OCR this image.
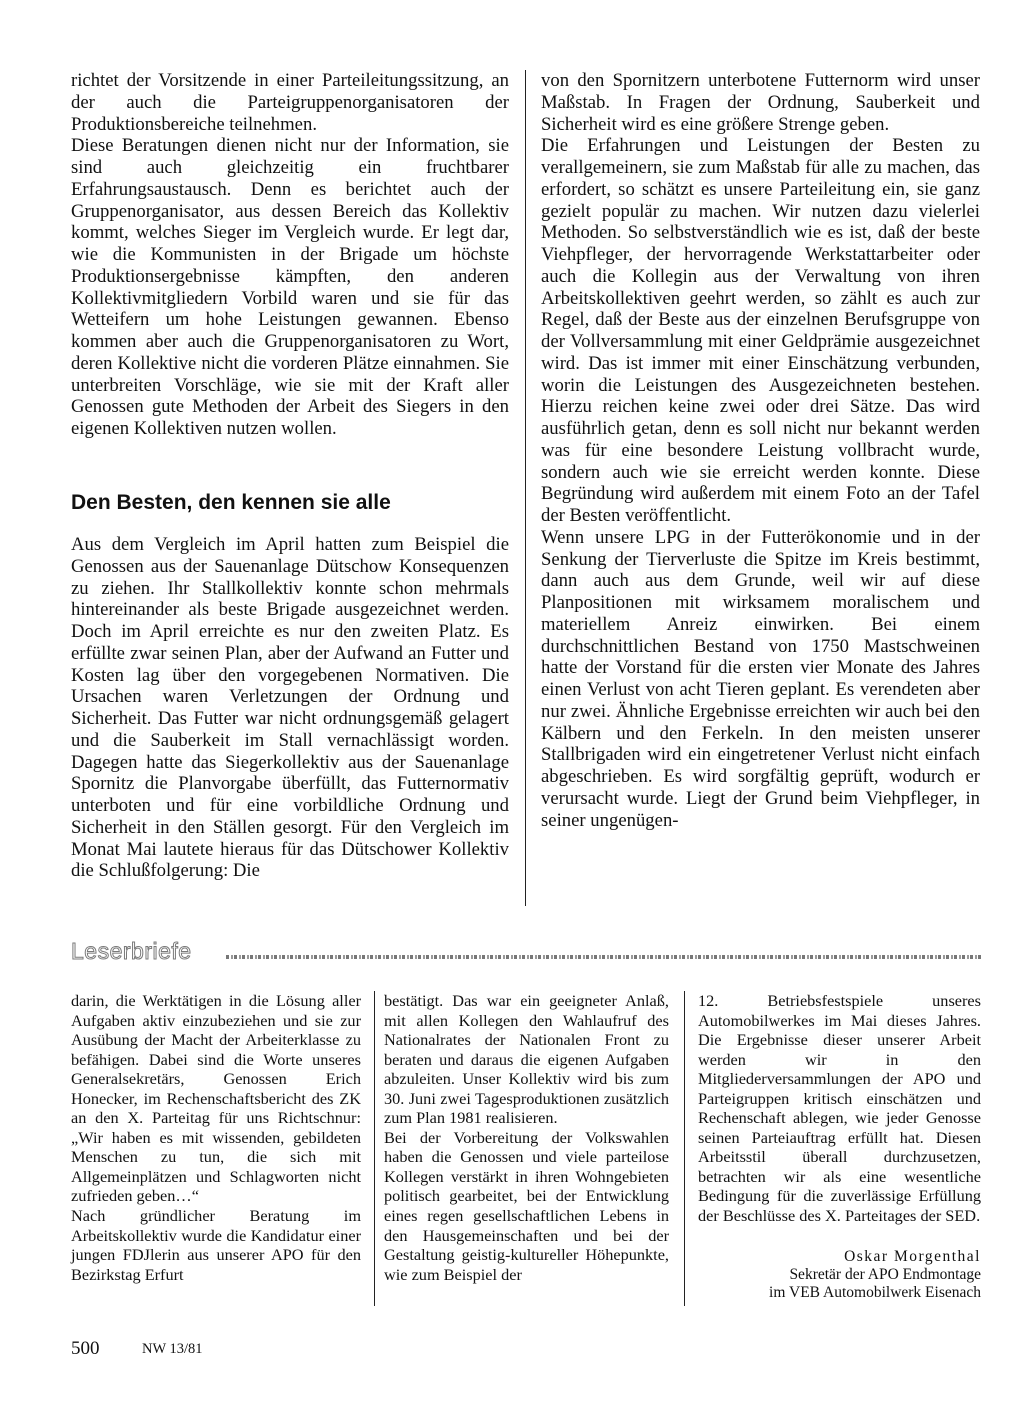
richtet der Vorsitzende in einer Parteileitungssitzung, an der auch die Parteigruppenorganisatoren der Produktionsbereiche teilnehmen.

Diese Beratungen dienen nicht nur der Information, sie sind auch gleichzeitig ein fruchtbarer Erfahrungsaustausch. Denn es berichtet auch der Gruppenorganisator, aus dessen Bereich das Kollektiv kommt, welches Sieger im Vergleich wurde. Er legt dar, wie die Kommunisten in der Brigade um höchste Produktionsergebnisse kämpften, den anderen Kollektivmitgliedern Vorbild waren und sie für das Wetteifern um hohe Leistungen gewannen. Ebenso kommen aber auch die Gruppenorganisatoren zu Wort, deren Kollektive nicht die vorderen Plätze einnahmen. Sie unterbreiten Vorschläge, wie sie mit der Kraft aller Genossen gute Methoden der Arbeit des Siegers in den eigenen Kollektiven nutzen wollen.

Den Besten, den kennen sie alle

Aus dem Vergleich im April hatten zum Beispiel die Genossen aus der Sauenanlage Dütschow Konsequenzen zu ziehen. Ihr Stallkollektiv konnte schon mehrmals hintereinander als beste Brigade ausgezeichnet werden. Doch im April erreichte es nur den zweiten Platz. Es erfüllte zwar seinen Plan, aber der Aufwand an Futter und Kosten lag über den vorgegebenen Normativen. Die Ursachen waren Verletzungen der Ordnung und Sicherheit. Das Futter war nicht ordnungsgemäß gelagert und die Sauberkeit im Stall vernachlässigt worden. Dagegen hatte das Siegerkollektiv aus der Sauenanlage Spornitz die Planvorgabe überfüllt, das Futternormativ unterboten und für eine vorbildliche Ordnung und Sicherheit in den Ställen gesorgt. Für den Vergleich im Monat Mai lautete hieraus für das Dütschower Kollektiv die Schlußfolgerung: Die

von den Spornitzern unterbotene Futternorm wird unser Maßstab. In Fragen der Ordnung, Sauberkeit und Sicherheit wird es eine größere Strenge geben.

Die Erfahrungen und Leistungen der Besten zu verallgemeinern, sie zum Maßstab für alle zu machen, das erfordert, so schätzt es unsere Parteileitung ein, sie ganz gezielt populär zu machen. Wir nutzen dazu vielerlei Methoden. So selbstverständlich wie es ist, daß der beste Viehpfleger, der hervorragende Werkstattarbeiter oder auch die Kollegin aus der Verwaltung von ihren Arbeitskollektiven geehrt werden, so zählt es auch zur Regel, daß der Beste aus der einzelnen Berufsgruppe von der Vollversammlung mit einer Geldprämie ausgezeichnet wird. Das ist immer mit einer Einschätzung verbunden, worin die Leistungen des Ausgezeichneten bestehen. Hierzu reichen keine zwei oder drei Sätze. Das wird ausführlich getan, denn es soll nicht nur bekannt werden was für eine besondere Leistung vollbracht wurde, sondern auch wie sie erreicht werden konnte. Diese Begründung wird außerdem mit einem Foto an der Tafel der Besten veröffentlicht.

Wenn unsere LPG in der Futterökonomie und in der Senkung der Tierverluste die Spitze im Kreis bestimmt, dann auch aus dem Grunde, weil wir auf diese Planpositionen mit wirksamem moralischem und materiellem Anreiz einwirken. Bei einem durchschnittlichen Bestand von 1750 Mastschweinen hatte der Vorstand für die ersten vier Monate des Jahres einen Verlust von acht Tieren geplant. Es verendeten aber nur zwei. Ähnliche Ergebnisse erreichten wir auch bei den Kälbern und den Ferkeln. In den meisten unserer Stallbrigaden wird ein eingetretener Verlust nicht einfach abgeschrieben. Es wird sorgfältig geprüft, wodurch er verursacht wurde. Liegt der Grund beim Viehpfleger, in seiner ungenügen-

Leserbriefe

darin, die Werktätigen in die Lösung aller Aufgaben aktiv einzubeziehen und sie zur Ausübung der Macht der Arbeiterklasse zu befähigen. Dabei sind die Worte unseres Generalsekretärs, Genossen Erich Honecker, im Rechenschaftsbericht des ZK an den X. Parteitag für uns Richtschnur: „Wir haben es mit wissenden, gebildeten Menschen zu tun, die sich mit Allgemeinplätzen und Schlagworten nicht zufrieden geben…“

Nach gründlicher Beratung im Arbeitskollektiv wurde die Kandidatur einer jungen FDJlerin aus unserer APO für den Bezirkstag Erfurt

bestätigt. Das war ein geeigneter Anlaß, mit allen Kollegen den Wahlaufruf des Nationalrates der Nationalen Front zu beraten und daraus die eigenen Aufgaben abzuleiten. Unser Kollektiv wird bis zum 30. Juni zwei Tagesproduktionen zusätzlich zum Plan 1981 realisieren.

Bei der Vorbereitung der Volkswahlen haben die Genossen und viele parteilose Kollegen verstärkt in ihren Wohngebieten politisch gearbeitet, bei der Entwicklung eines regen gesellschaftlichen Lebens in den Hausgemeinschaften und bei der Gestaltung geistig-kultureller Höhepunkte, wie zum Beispiel der

12. Betriebsfestspiele unseres Automobilwerkes im Mai dieses Jahres. Die Ergebnisse dieser unserer Arbeit werden wir in den Mitgliederversammlungen der APO und Parteigruppen kritisch einschätzen und Rechenschaft ablegen, wie jeder Genosse seinen Parteiauftrag erfüllt hat. Diesen Arbeitsstil überall durchzusetzen, betrachten wir als eine wesentliche Bedingung für die zuverlässige Erfüllung der Beschlüsse des X. Parteitages der SED.

Oskar Morgenthal
Sekretär der APO Endmontage
im VEB Automobilwerk Eisenach
500	NW 13/81
